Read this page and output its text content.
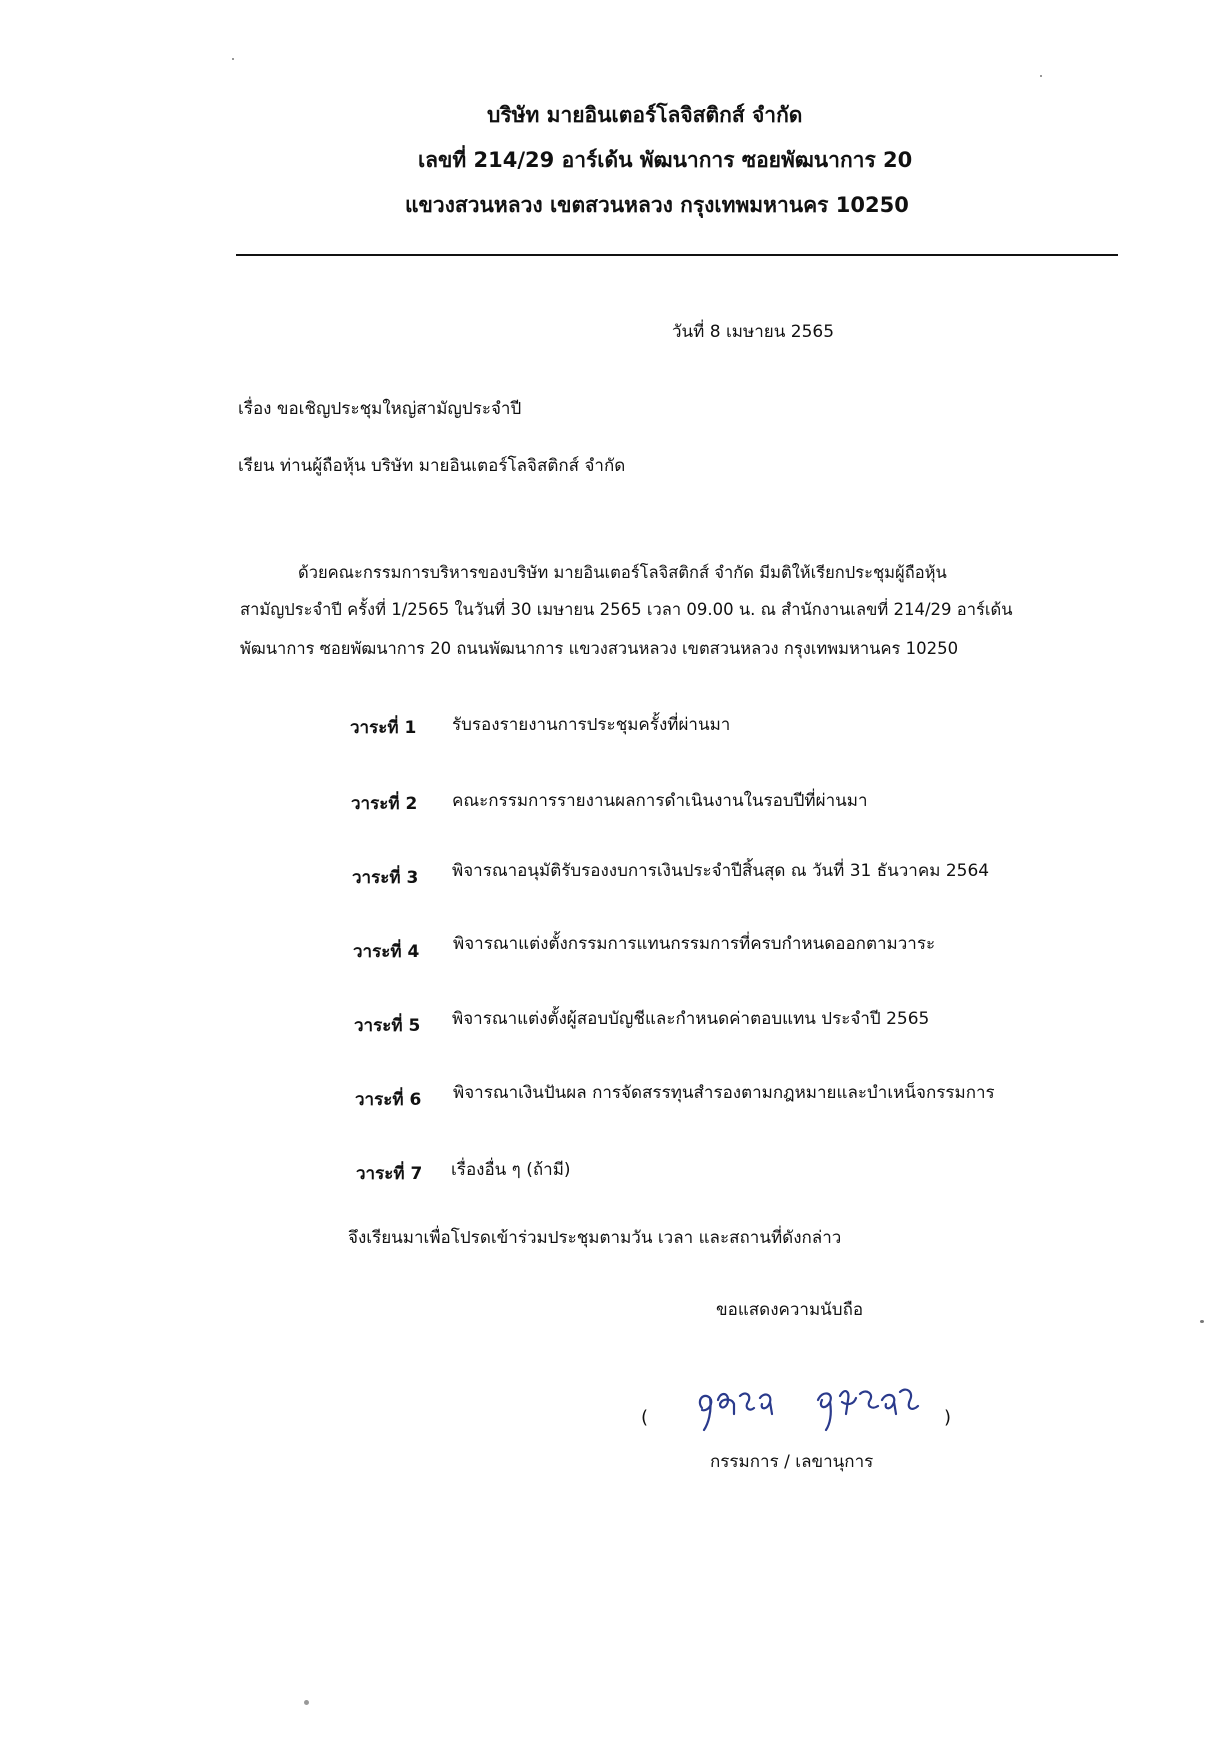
บริษัท มายอินเตอร์โลจิสติกส์ จำกัด
เลขที่ 214/29 อาร์เด้น พัฒนาการ ซอยพัฒนาการ 20
แขวงสวนหลวง เขตสวนหลวง กรุงเทพมหานคร 10250
วันที่ 8 เมษายน 2565
เรื่อง ขอเชิญประชุมใหญ่สามัญประจำปี
เรียน ท่านผู้ถือหุ้น บริษัท มายอินเตอร์โลจิสติกส์ จำกัด
ด้วยคณะกรรมการบริหารของบริษัท มายอินเตอร์โลจิสติกส์ จำกัด มีมติให้เรียกประชุมผู้ถือหุ้น
สามัญประจำปี ครั้งที่ 1/2565 ในวันที่ 30 เมษายน 2565 เวลา 09.00 น. ณ สำนักงานเลขที่ 214/29 อาร์เด้น
พัฒนาการ ซอยพัฒนาการ 20 ถนนพัฒนาการ แขวงสวนหลวง เขตสวนหลวง กรุงเทพมหานคร 10250
วาระที่ 1 รับรองรายงานการประชุมครั้งที่ผ่านมา
วาระที่ 2 คณะกรรมการรายงานผลการดำเนินงานในรอบปีที่ผ่านมา
วาระที่ 3 พิจารณาอนุมัติรับรองงบการเงินประจำปีสิ้นสุด ณ วันที่ 31 ธันวาคม 2564
วาระที่ 4 พิจารณาแต่งตั้งกรรมการแทนกรรมการที่ครบกำหนดออกตามวาระ
วาระที่ 5 พิจารณาแต่งตั้งผู้สอบบัญชีและกำหนดค่าตอบแทน ประจำปี 2565
วาระที่ 6 พิจารณาเงินปันผล การจัดสรรทุนสำรองตามกฎหมายและบำเหน็จกรรมการ
วาระที่ 7 เรื่องอื่น ๆ (ถ้ามี)
จึงเรียนมาเพื่อโปรดเข้าร่วมประชุมตามวัน เวลา และสถานที่ดังกล่าว
ขอแสดงความนับถือ
(	)
กรรมการ / เลขานุการ
